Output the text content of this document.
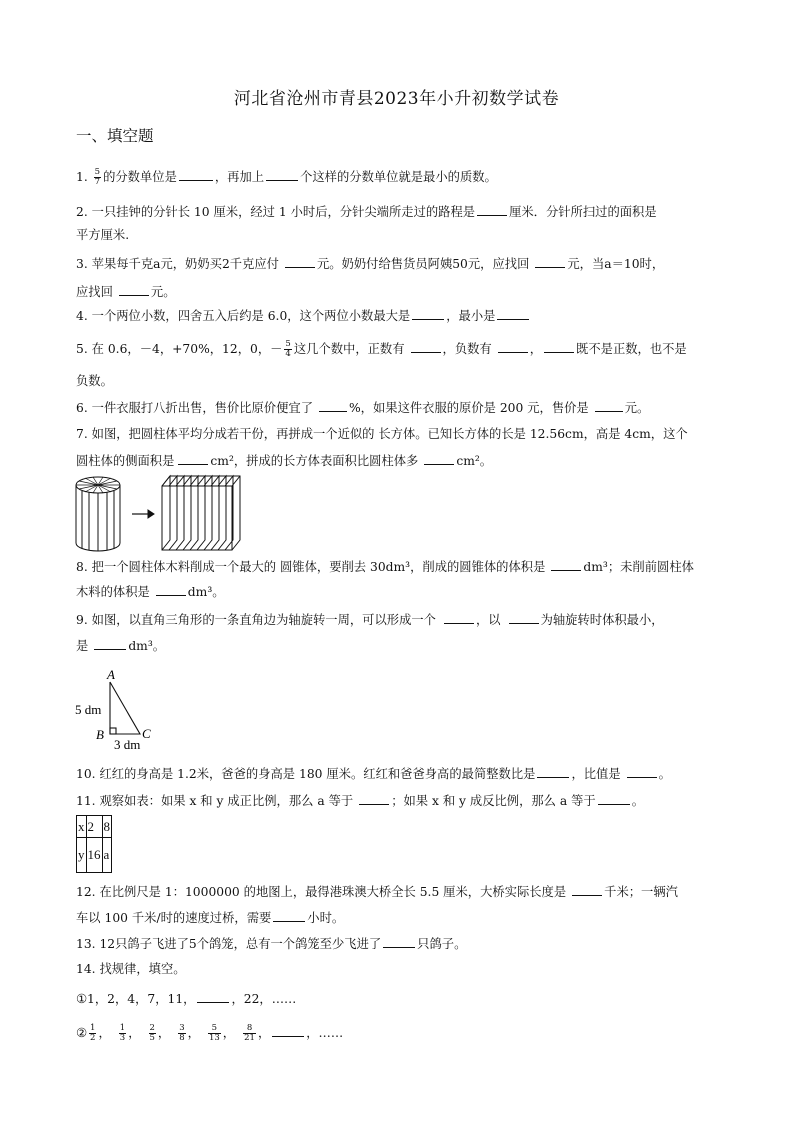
河北省沧州市青县2023年小升初数学试卷
一、填空题
1. $\frac{5}{7}$ 的分数单位是	，再加上	个这样的分数单位就是最小的质数。
2. 一只挂钟的分针长 10 厘米，经过 1 小时后，分针尖端所走过的路程是	厘米．分针所扫过的面积是
平方厘米.
3. 苹果每千克a元，奶奶买2千克应付	元。奶奶付给售货员阿姨50元，应找回	元，当a＝10时，
应找回	元。
4. 一个两位小数，四舍五入后约是 6.0，这个两位小数最大是	，最小是
5. 在 0.6，－4，+70%，12，0，－ $\frac{5}{4}$ 这几个数中，正数有	，负数有	，	既不是正数，也不是
负数。
6. 一件衣服打八折出售，售价比原价便宜了	%，如果这件衣服的原价是 200 元，售价是	元。
7. 如图，把圆柱体平均分成若干份，再拼成一个近似的 长方体。已知长方体的长是 12.56cm，高是 4cm，这个
圆柱体的侧面积是	cm²，拼成的长方体表面积比圆柱体多	cm²。
8. 把一个圆柱体木料削成一个最大的 圆锥体，要削去 30dm³，削成的圆锥体的体积是	dm³；未削前圆柱体
木料的体积是	dm³。
9. 如图，以直角三角形的一条直角边为轴旋转一周，可以形成一个	，以	为轴旋转时体积最小，
是	dm³。
A
B	C
5 dm
3 dm
10. 红红的身高是 1.2米，爸爸的身高是 180 厘米。红红和爸爸身高的最简整数比是	，比值是	。
11. 观察如表：如果 x 和 y 成正比例，那么 a 等于	；如果 x 和 y 成反比例，那么 a 等于	。
x	2	8
y	16	a
12. 在比例尺是 1：1000000 的地图上，最得港珠澳大桥全长 5.5 厘米，大桥实际长度是	千米；一辆汽
车以 100 千米/时的速度过桥，需要	小时。
13. 12只鸽子飞进了5个鸽笼，总有一个鸽笼至少飞进了	只鸽子。
14. 找规律，填空。
①1，2，4，7，11，	，22，……
② $\frac{1}{2}$ ， $\frac{1}{3}$ ， $\frac{2}{5}$ ， $\frac{3}{8}$ ， $\frac{5}{13}$ ， $\frac{8}{21}$ ，	，……
